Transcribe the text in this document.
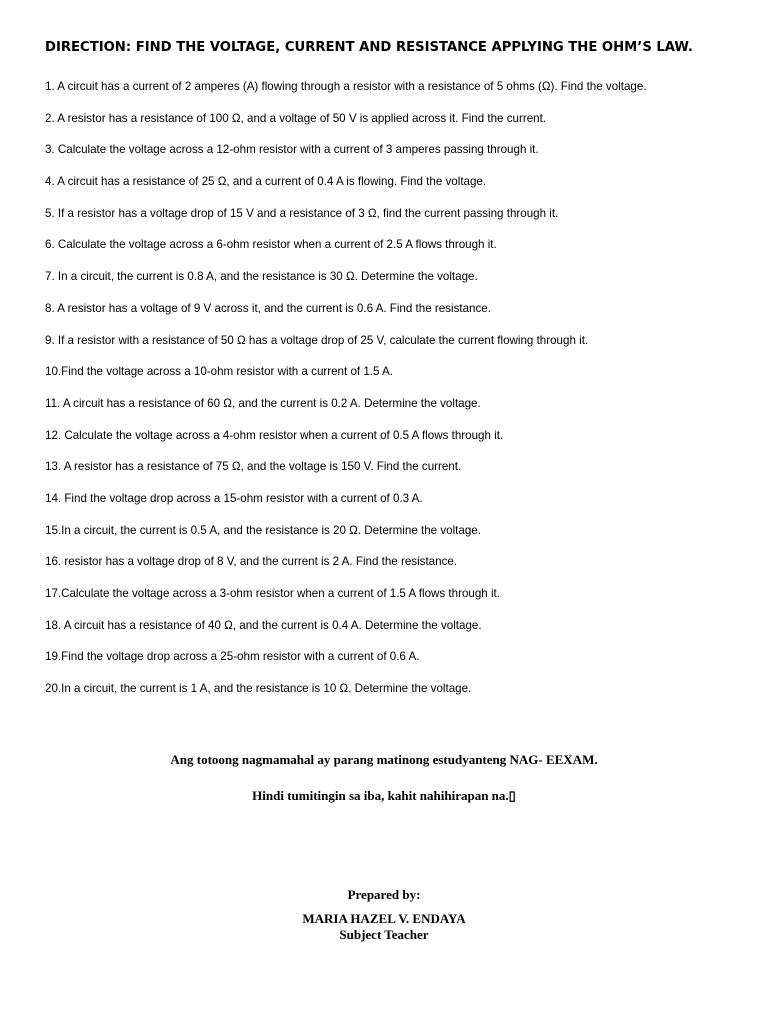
DIRECTION: FIND THE VOLTAGE, CURRENT AND RESISTANCE APPLYING THE OHM’S LAW.
1. A circuit has a current of 2 amperes (A) flowing through a resistor with a resistance of 5 ohms (Ω). Find the voltage.
2. A resistor has a resistance of 100 Ω, and a voltage of 50 V is applied across it. Find the current.
3. Calculate the voltage across a 12-ohm resistor with a current of 3 amperes passing through it.
4. A circuit has a resistance of 25 Ω, and a current of 0.4 A is flowing. Find the voltage.
5. If a resistor has a voltage drop of 15 V and a resistance of 3 Ω, find the current passing through it.
6. Calculate the voltage across a 6-ohm resistor when a current of 2.5 A flows through it.
7. In a circuit, the current is 0.8 A, and the resistance is 30 Ω. Determine the voltage.
8. A resistor has a voltage of 9 V across it, and the current is 0.6 A. Find the resistance.
9. If a resistor with a resistance of 50 Ω has a voltage drop of 25 V, calculate the current flowing through it.
10.Find the voltage across a 10-ohm resistor with a current of 1.5 A.
11. A circuit has a resistance of 60 Ω, and the current is 0.2 A. Determine the voltage.
12. Calculate the voltage across a 4-ohm resistor when a current of 0.5 A flows through it.
13. A resistor has a resistance of 75 Ω, and the voltage is 150 V. Find the current.
14. Find the voltage drop across a 15-ohm resistor with a current of 0.3 A.
15.In a circuit, the current is 0.5 A, and the resistance is 20 Ω. Determine the voltage.
16. resistor has a voltage drop of 8 V, and the current is 2 A. Find the resistance.
17.Calculate the voltage across a 3-ohm resistor when a current of 1.5 A flows through it.
18. A circuit has a resistance of 40 Ω, and the current is 0.4 A. Determine the voltage.
19.Find the voltage drop across a 25-ohm resistor with a current of 0.6 A.
20.In a circuit, the current is 1 A, and the resistance is 10 Ω. Determine the voltage.

Ang totoong nagmamahal ay parang matinong estudyanteng NAG- EEXAM.

Hindi tumitingin sa iba, kahit nahihirapan na.▯

Prepared by:

MARIA HAZEL V. ENDAYA

Subject Teacher
